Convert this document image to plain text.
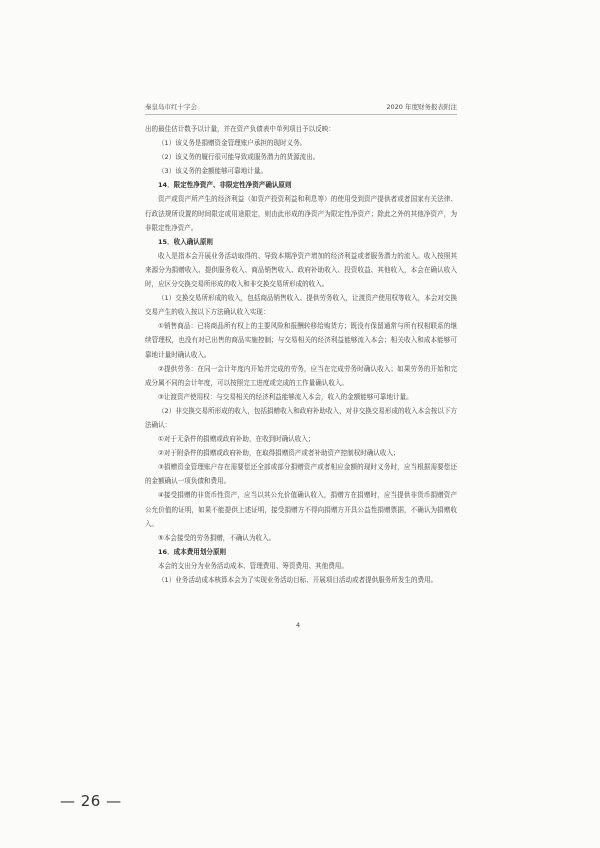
秦皇岛市红十字会	2020 年度财务报表附注

出的最佳估计数予以计量，并在资产负债表中单列项目予以反映：

（1）该义务是捐赠资金管理账户承担的现时义务。

（2）该义务的履行很可能导致或服务潜力的货源流出。

（3）该义务的金额能够可靠地计量。

14．限定性净资产、非限定性净资产确认原则

资产或资产所产生的经济利益（如资产投资利益和利息等）的使用受到资产提供者或者国家有关法律、行政法规所设置的时间限定或用途限定，则由此形成的净资产为限定性净资产；除此之外的其他净资产，为非限定性净资产。

15．收入确认原则

收入是指本会开展业务活动取得的、导致本期净资产增加的经济利益或者服务潜力的流入。收入按照其来源分为捐赠收入、提供服务收入、商品销售收入、政府补助收入、投资收益、其他收入，本会在确认收入时，应区分交换交易所形成的收入和非交换交易所形成的收入。

（1）交换交易所形成的收入，包括商品销售收入、提供劳务收入，让渡资产使用权等收入，本会对交换交易产生的收入按以下方法确认收入实现：

①销售商品：已将商品所有权上的主要风险和报酬转移给购货方；既没有保留通常与所有权相联系的继续管理权，也没有对已出售的商品实施控制；与交易相关的经济利益能够流入本会；相关收入和成本能够可靠地计量时确认收入。

②提供劳务：在同一会计年度内开始并完成的劳务，应当在完成劳务时确认收入；如果劳务的开始和完成分属不同的会计年度，可以按照完工进度或完成的工作量确认收入。

③让渡资产使用权：与交易相关的经济利益能够流入本会，收入的金额能够可靠地计量。

（2）非交换交易所形成的收入，包括捐赠收入和政府补助收入，对非交换交易形成的收入本会按以下方法确认：

①对于无条件的捐赠或政府补助，在收到时确认收入；

②对于附条件的捐赠或政府补助，在取得捐赠资产或者补助资产控制权时确认收入；

③捐赠资金管理账户存在需要偿还全部或部分捐赠资产或者相应金额的现时义务时，应当根据需要偿还的金额确认一项负债和费用。

④接受捐赠的非货币性资产，应当以其公允价值确认收入，捐赠方在捐赠时，应当提供非货币捐赠资产公允价值的证明，如果不能提供上述证明，接受捐赠方不得向捐赠方开具公益性捐赠票据，不确认为捐赠收入。

⑤本会接受的劳务捐赠，不确认为收入。

16．成本费用划分原则

本会的支出分为业务活动成本、管理费用、筹资费用、其他费用。

（1）业务活动成本核算本会为了实现业务活动目标、开展项目活动或者提供服务所发生的费用。

4
— 26 —
